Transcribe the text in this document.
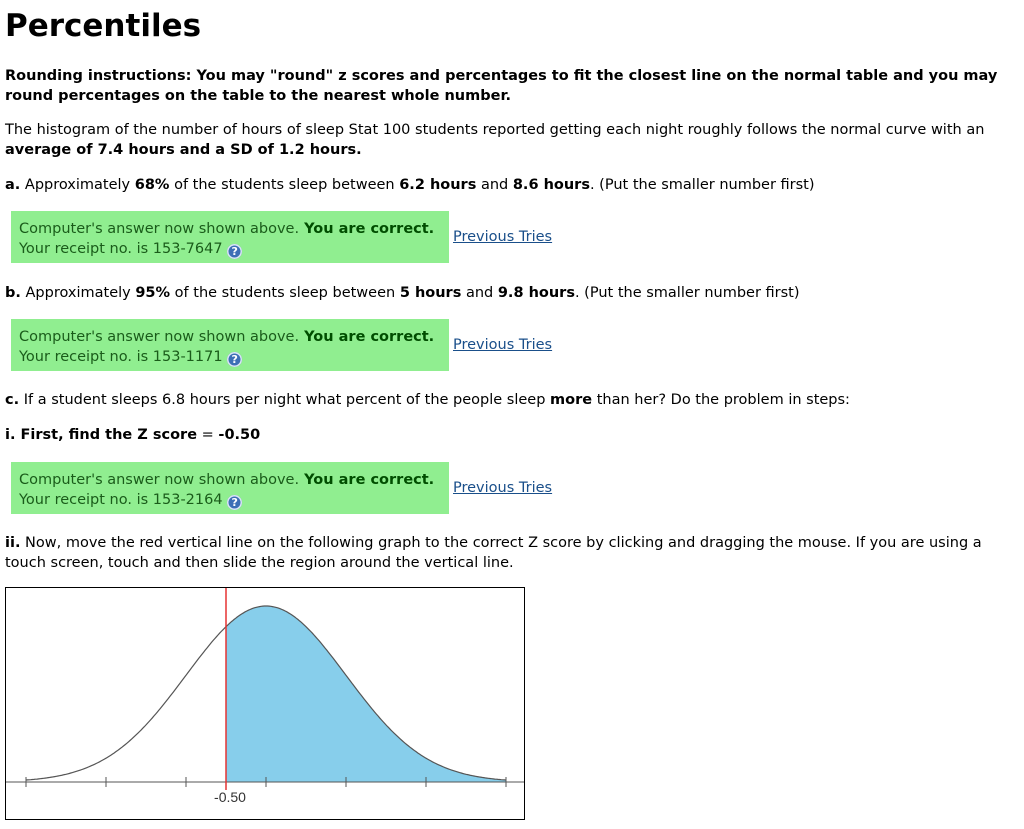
Percentiles

Rounding instructions: You may "round" z scores and percentages to fit the closest line on the normal table and you may
round percentages on the table to the nearest whole number.

The histogram of the number of hours of sleep Stat 100 students reported getting each night roughly follows the normal curve with an
average of 7.4 hours and a SD of 1.2 hours.

a. Approximately 68% of the students sleep between 6.2 hours and 8.6 hours. (Put the smaller number first)

Computer's answer now shown above. You are correct.
Your receipt no. is 153-7647 ?
Previous Tries

b. Approximately 95% of the students sleep between 5 hours and 9.8 hours. (Put the smaller number first)

Computer's answer now shown above. You are correct.
Your receipt no. is 153-1171 ?
Previous Tries

c. If a student sleeps 6.8 hours per night what percent of the people sleep more than her? Do the problem in steps:

i. First, find the Z score = -0.50

Computer's answer now shown above. You are correct.
Your receipt no. is 153-2164 ?
Previous Tries

ii. Now, move the red vertical line on the following graph to the correct Z score by clicking and dragging the mouse. If you are using a
touch screen, touch and then slide the region around the vertical line.

-0.50
